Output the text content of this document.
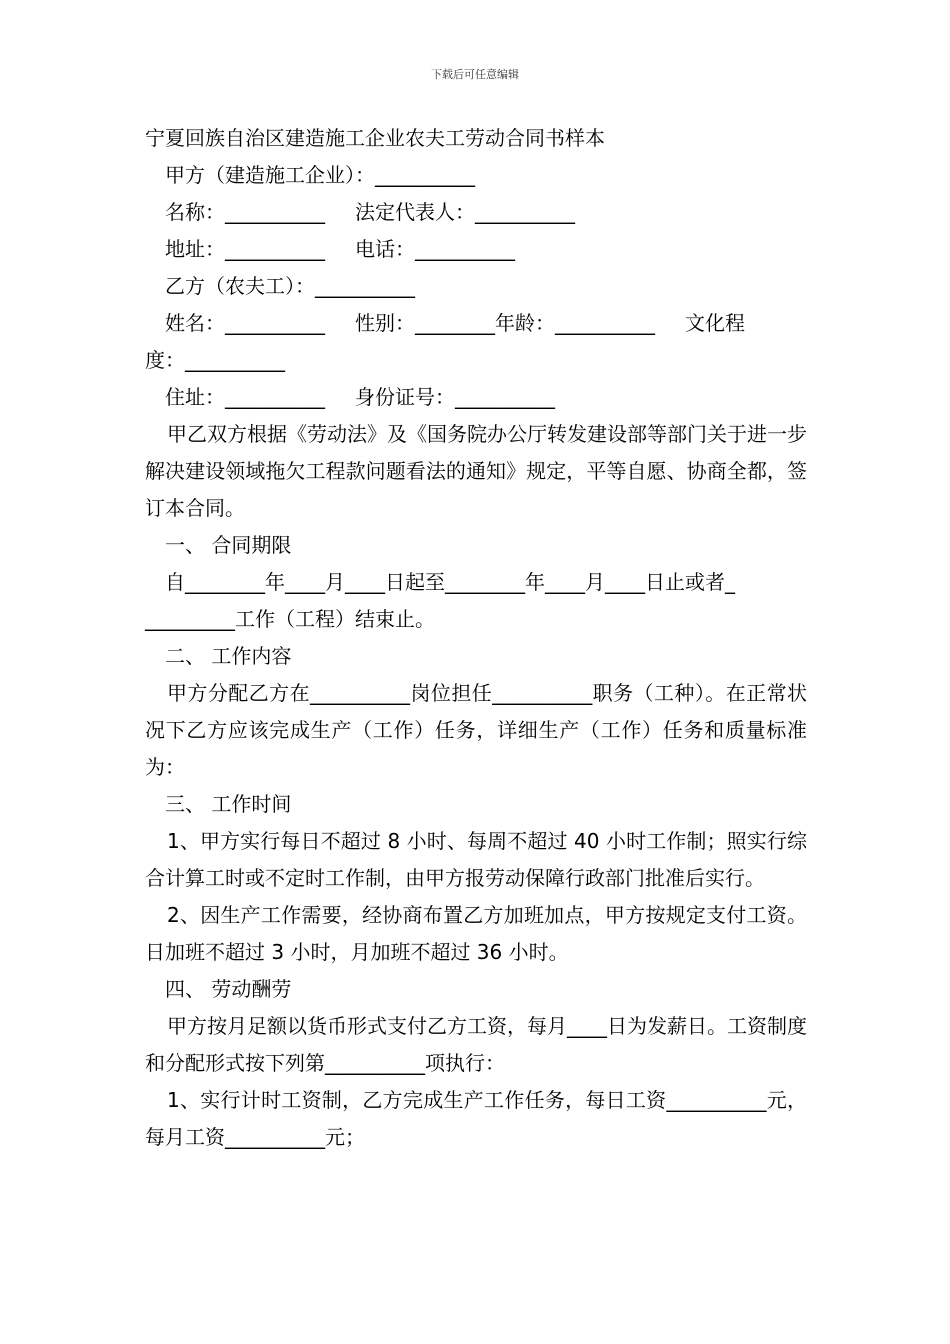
下载后可任意编辑
宁夏回族自治区建造施工企业农夫工劳动合同书样本
甲方（建造施工企业）：__________
名称：__________ 法定代表人：__________
地址：__________ 电话：__________
乙方（农夫工）：__________
姓名：__________ 性别：________年龄：__________ 文化程
度：__________
住址：__________ 身份证号：__________
甲乙双方根据《劳动法》及《国务院办公厅转发建设部等部门关于进一步解决建设领域拖欠工程款问题看法的通知》规定，平等自愿、协商全都，签订本合同。
一、 合同期限
自________年____月____日起至________年____月____日止或者_
_________工作（工程）结束止。
二、 工作内容
甲方分配乙方在__________岗位担任__________职务（工种）。在正常状况下乙方应该完成生产（工作）任务，详细生产（工作）任务和质量标准为：
三、 工作时间
1、甲方实行每日不超过 8 小时、每周不超过 40 小时工作制；照实行综合计算工时或不定时工作制，由甲方报劳动保障行政部门批准后实行。
2、因生产工作需要，经协商布置乙方加班加点，甲方按规定支付工资。日加班不超过 3 小时，月加班不超过 36 小时。
四、 劳动酬劳
甲方按月足额以货币形式支付乙方工资，每月____日为发薪日。工资制度和分配形式按下列第__________项执行：
1、实行计时工资制，乙方完成生产工作任务，每日工资__________元，每月工资__________元；
